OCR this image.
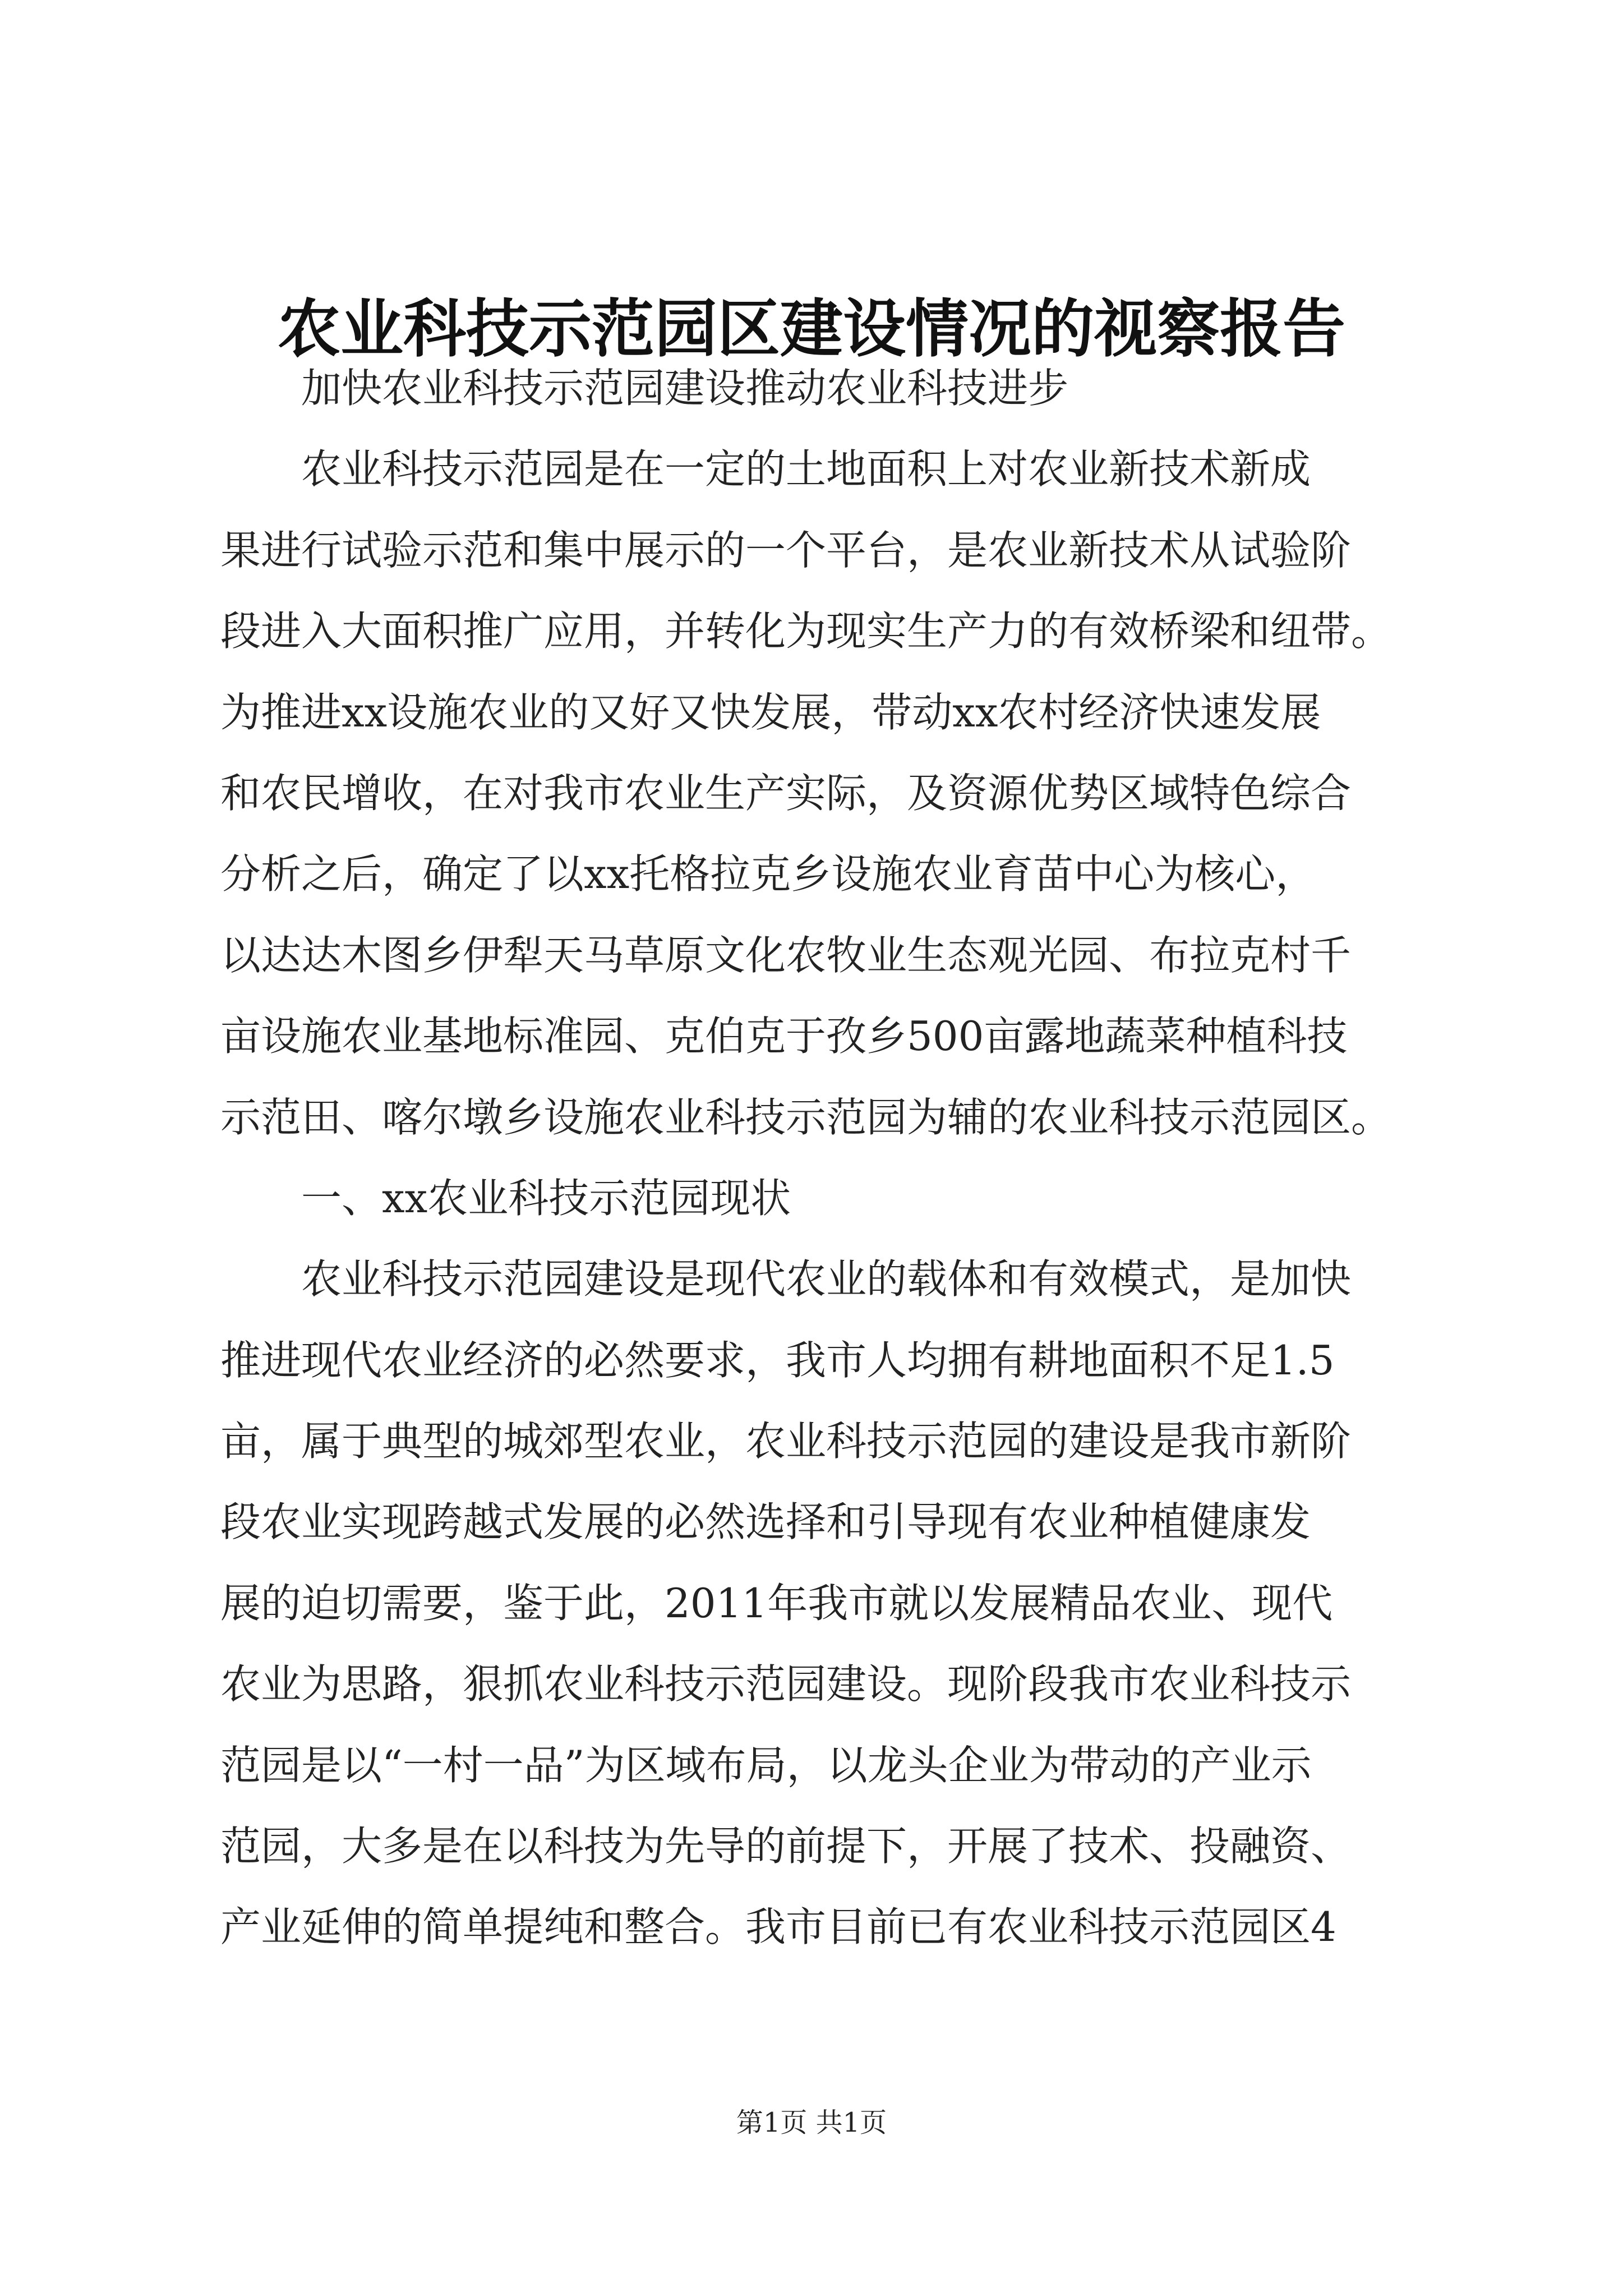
农业科技示范园区建设情况的视察报告
加快农业科技示范园建设推动农业科技进步
农业科技示范园是在一定的土地面积上对农业新技术新成
果进行试验示范和集中展示的一个平台，是农业新技术从试验阶
段进入大面积推广应用，并转化为现实生产力的有效桥梁和纽带。
为推进xx设施农业的又好又快发展，带动xx农村经济快速发展
和农民增收，在对我市农业生产实际，及资源优势区域特色综合
分析之后，确定了以xx托格拉克乡设施农业育苗中心为核心，
以达达木图乡伊犁天马草原文化农牧业生态观光园、布拉克村千
亩设施农业基地标准园、克伯克于孜乡500亩露地蔬菜种植科技
示范田、喀尔墩乡设施农业科技示范园为辅的农业科技示范园区。
一、xx农业科技示范园现状
农业科技示范园建设是现代农业的载体和有效模式，是加快
推进现代农业经济的必然要求，我市人均拥有耕地面积不足1.5
亩，属于典型的城郊型农业，农业科技示范园的建设是我市新阶
段农业实现跨越式发展的必然选择和引导现有农业种植健康发
展的迫切需要，鉴于此，2011年我市就以发展精品农业、现代
农业为思路，狠抓农业科技示范园建设。现阶段我市农业科技示
范园是以“一村一品”为区域布局，以龙头企业为带动的产业示
范园，大多是在以科技为先导的前提下，开展了技术、投融资、
产业延伸的简单提纯和整合。我市目前已有农业科技示范园区4
第1页 共1页
